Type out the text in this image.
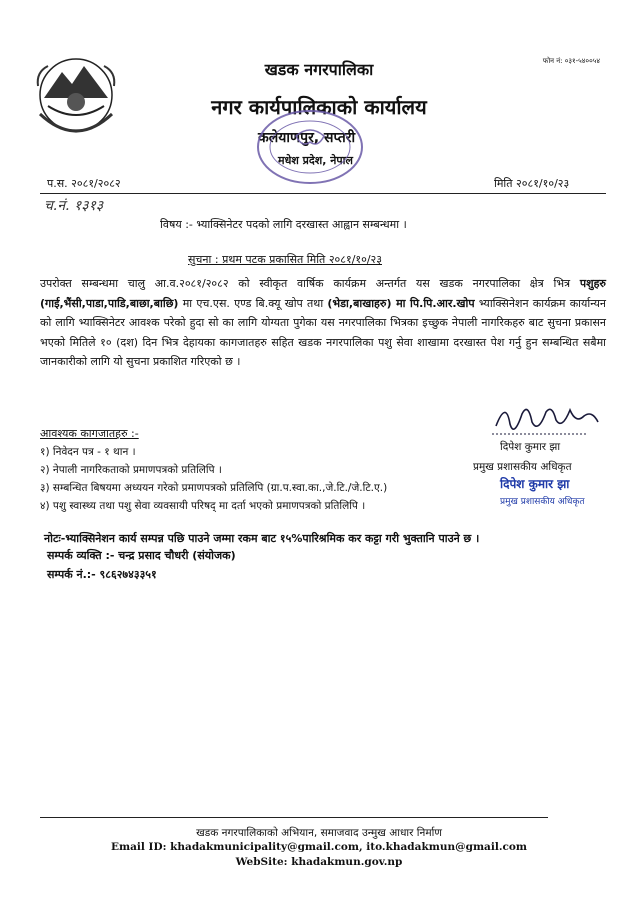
फोन नं: ०३१-५४००५४
खडक नगरपालिका
नगर कार्यपालिकाको कार्यालय
कलेयाणपुर, सप्तरी
मधेश प्रदेश, नेपाल
प.स. २०८१/२०८२	मिति २०८१/१०/२३
च.नं. १३१३
विषय :- भ्याक्सिनेटर पदको लागि दरखास्त आह्वान सम्बन्धमा ।
सुचना : प्रथम पटक प्रकासित मिति २०८१/१०/२३
उपरोक्त सम्बन्धमा चालु आ.व.२०८१/२०८२ को स्वीकृत वार्षिक कार्यक्रम अन्तर्गत यस खडक नगरपालिका क्षेत्र भित्र पशुहरु (गाई,भैंसी,पाडा,पाडि,बाछा,बाछि) मा एच.एस. एण्ड बि.क्यू खोप तथा (भेडा,बाखाहरु) मा पि.पि.आर.खोप भ्याक्सिनेशन कार्यक्रम कार्यान्यन को लागि भ्याक्सिनेटर आवश्क परेको हुदा सो का लागि योग्यता पुगेका यस नगरपालिका भित्रका इच्छुक नेपाली नागरिकहरु बाट सुचना प्रकासन भएको मितिले १० (दश) दिन भित्र देहायका कागजातहरु सहित खडक नगरपालिका पशु सेवा शाखामा दरखास्त पेश गर्नु हुन सम्बन्धित सबैमा जानकारीको लागि यो सुचना प्रकाशित गरिएको छ ।
आवश्यक कागजातहरु :-
१) निवेदन पत्र - १ थान ।
२) नेपाली नागरिकताको प्रमाणपत्रको प्रतिलिपि ।
३) सम्बन्धित बिषयमा अध्ययन गरेको प्रमाणपत्रको प्रतिलिपि (ग्रा.प.स्वा.का.,जे.टि./जे.टि.ए.)
४) पशु स्वास्थ्य तथा पशु सेवा व्यवसायी परिषद् मा दर्ता भएको प्रमाणपत्रको प्रतिलिपि ।
दिपेश कुमार झा
प्रमुख प्रशासकीय अधिकृत
दिपेश कुमार झा
प्रमुख प्रशासकीय अधिकृत
नोटः-भ्याक्सिनेशन कार्य सम्पन्न पछि पाउने जम्मा रकम बाट १५%पारिश्रमिक कर कट्टा गरी भुक्तानि पाउने छ ।
सम्पर्क व्यक्ति :- चन्द्र प्रसाद चौधरी (संयोजक)
सम्पर्क नं.:- ९८६२७४३३५१
खडक नगरपालिकाको अभियान, समाजवाद उन्मुख आधार निर्माण
Email ID: khadakmunicipality@gmail.com, ito.khadakmun@gmail.com
WebSite: khadakmun.gov.np
